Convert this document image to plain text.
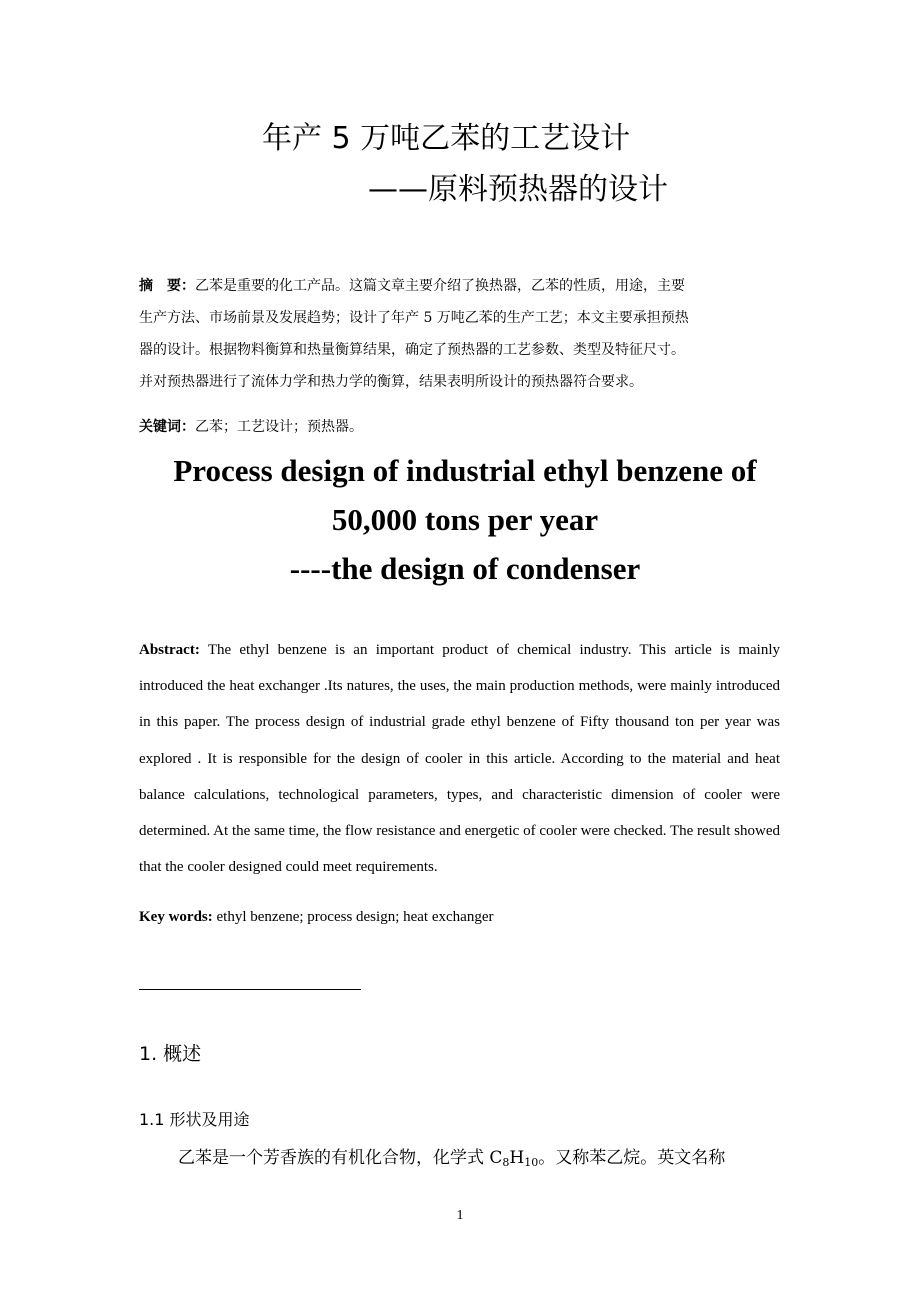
年产 5 万吨乙苯的工艺设计
——原料预热器的设计
摘　要：乙苯是重要的化工产品。这篇文章主要介绍了换热器，乙苯的性质，用途，主要
生产方法、市场前景及发展趋势；设计了年产 5 万吨乙苯的生产工艺；本文主要承担预热
器的设计。根据物料衡算和热量衡算结果，确定了预热器的工艺参数、类型及特征尺寸。
并对预热器进行了流体力学和热力学的衡算，结果表明所设计的预热器符合要求。
关键词：乙苯；工艺设计；预热器。
Process design of industrial ethyl benzene of
50,000 tons per year
----the design of condenser
Abstract: The ethyl benzene is an important product of chemical industry. This article is mainly introduced the heat exchanger .Its natures, the uses, the main production methods, were mainly introduced in this paper. The process design of industrial grade ethyl benzene of Fifty thousand ton per year was explored . It is responsible for the design of cooler in this article. According to the material and heat balance calculations, technological parameters, types, and characteristic dimension of cooler were determined. At the same time, the flow resistance and energetic of cooler were checked. The result showed that the cooler designed could meet requirements.
Key words: ethyl benzene; process design; heat exchanger
1. 概述
1.1 形状及用途
乙苯是一个芳香族的有机化合物，化学式 $C_8H_{10}$。又称苯乙烷。英文名称
1
